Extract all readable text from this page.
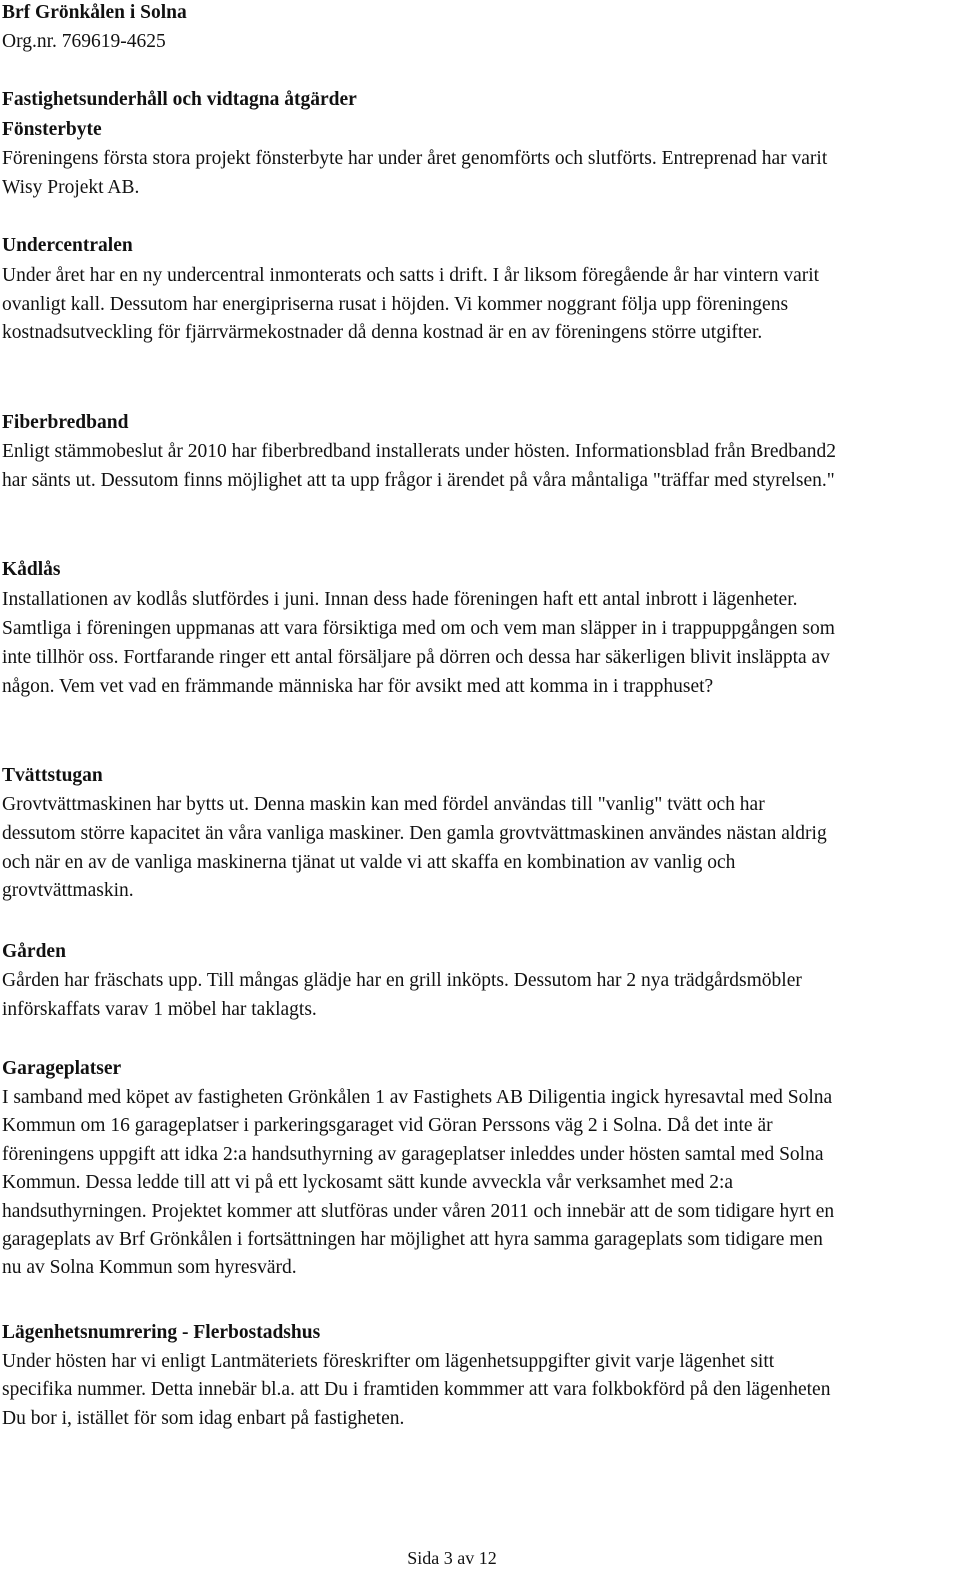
Brf Grönkålen i Solna
Org.nr. 769619-4625
Fastighetsunderhåll och vidtagna åtgärder
Fönsterbyte
Föreningens första stora projekt fönsterbyte har under året genomförts och slutförts. Entreprenad har varit
Wisy Projekt AB.
Undercentralen
Under året har en ny undercentral inmonterats och satts i drift. I år liksom föregående år har vintern varit
ovanligt kall. Dessutom har energipriserna rusat i höjden. Vi kommer noggrant följa upp föreningens
kostnadsutveckling för fjärrvärmekostnader då denna kostnad är en av föreningens större utgifter.
Fiberbredband
Enligt stämmobeslut år 2010 har fiberbredband installerats under hösten. Informationsblad från Bredband2
har sänts ut. Dessutom finns möjlighet att ta upp frågor i ärendet på våra måntaliga "träffar med styrelsen."
Kådlås
Installationen av kodlås slutfördes i juni. Innan dess hade föreningen haft ett antal inbrott i lägenheter.
Samtliga i föreningen uppmanas att vara försiktiga med om och vem man släpper in i trappuppgången som
inte tillhör oss. Fortfarande ringer ett antal försäljare på dörren och dessa har säkerligen blivit insläppta av
någon. Vem vet vad en främmande människa har för avsikt med att komma in i trapphuset?
Tvättstugan
Grovtvättmaskinen har bytts ut. Denna maskin kan med fördel användas till "vanlig" tvätt och har
dessutom större kapacitet än våra vanliga maskiner. Den gamla grovtvättmaskinen användes nästan aldrig
och när en av de vanliga maskinerna tjänat ut valde vi att skaffa en kombination av vanlig och
grovtvättmaskin.
Gården
Gården har fräschats upp. Till mångas glädje har en grill inköpts. Dessutom har 2 nya trädgårdsmöbler
införskaffats varav 1 möbel har taklagts.
Garageplatser
I samband med köpet av fastigheten Grönkålen 1 av Fastighets AB Diligentia ingick hyresavtal med Solna
Kommun om 16 garageplatser i parkeringsgaraget vid Göran Perssons väg 2 i Solna. Då det inte är
föreningens uppgift att idka 2:a handsuthyrning av garageplatser inleddes under hösten samtal med Solna
Kommun. Dessa ledde till att vi på ett lyckosamt sätt kunde avveckla vår verksamhet med 2:a
handsuthyrningen. Projektet kommer att slutföras under våren 2011 och innebär att de som tidigare hyrt en
garageplats av Brf Grönkålen i fortsättningen har möjlighet att hyra samma garageplats som tidigare men
nu av Solna Kommun som hyresvärd.
Lägenhetsnumrering - Flerbostadshus
Under hösten har vi enligt Lantmäteriets föreskrifter om lägenhetsuppgifter givit varje lägenhet sitt
specifika nummer. Detta innebär bl.a. att Du i framtiden kommmer att vara folkbokförd på den lägenheten
Du bor i, istället för som idag enbart på fastigheten.
Sida 3 av 12
